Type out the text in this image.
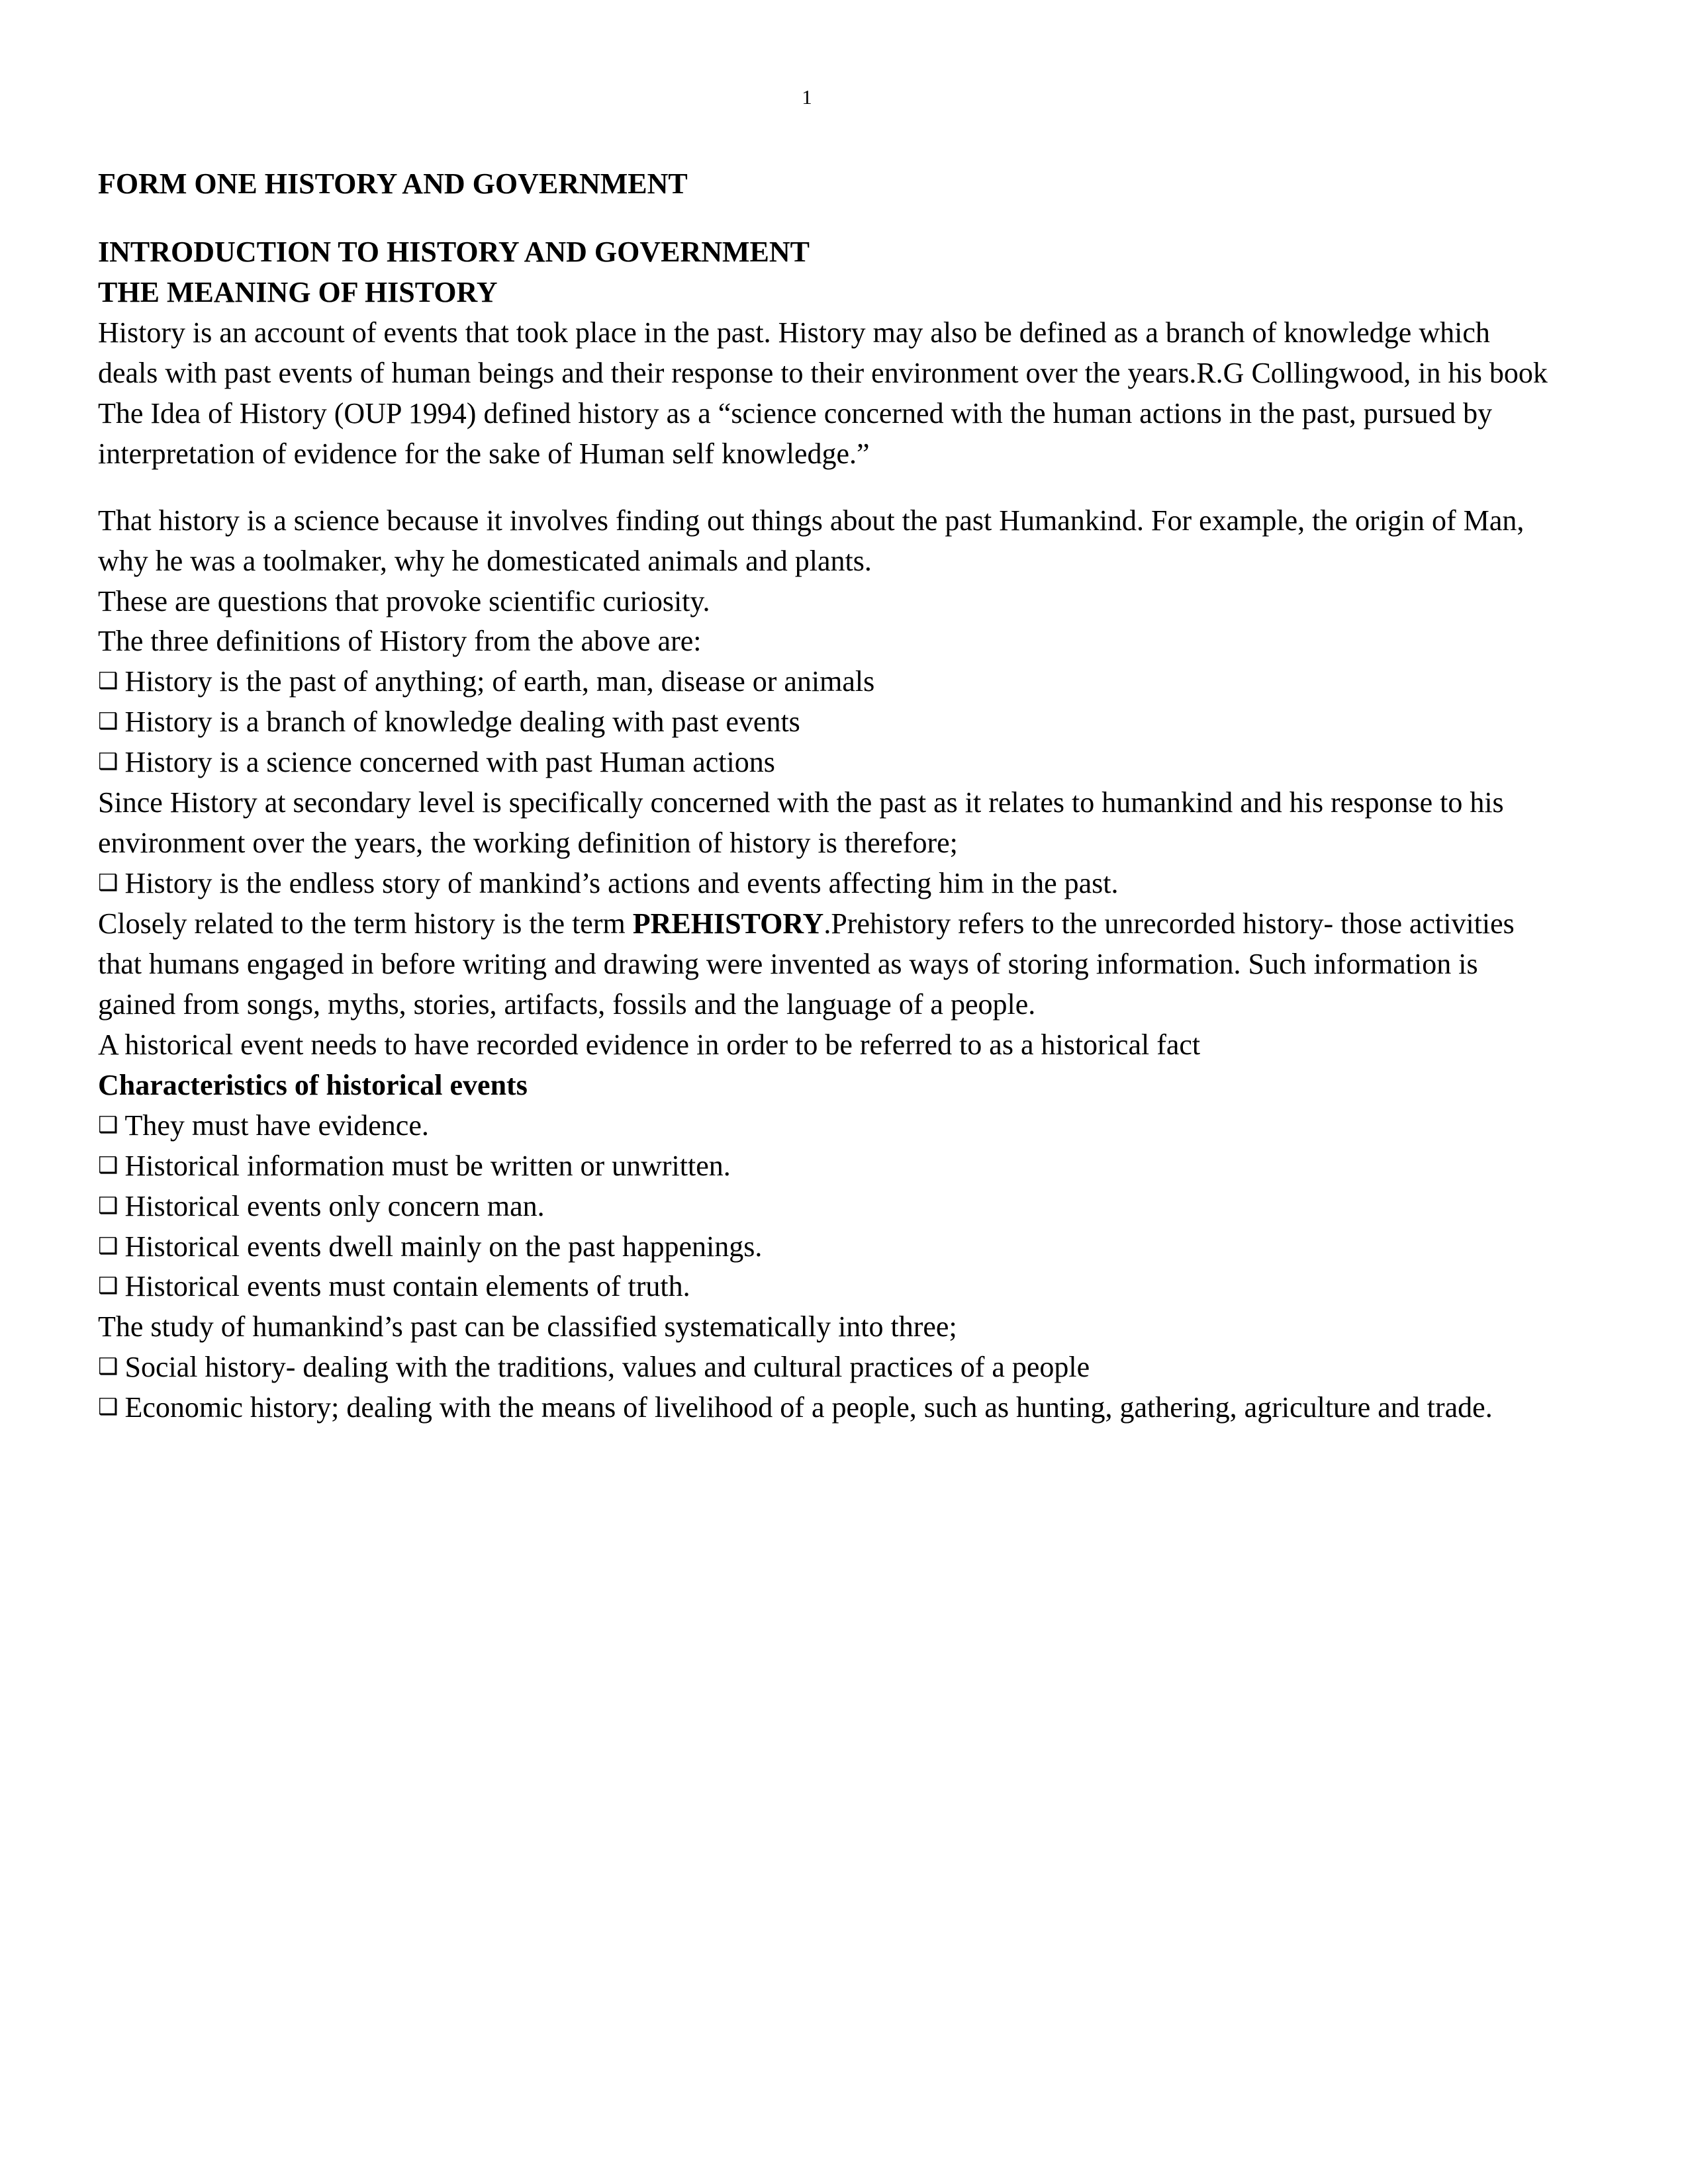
1

FORM ONE HISTORY AND GOVERNMENT

INTRODUCTION TO HISTORY AND GOVERNMENT

THE MEANING OF HISTORY

History is an account of events that took place in the past. History may also be defined as a branch of knowledge which deals with past events of human beings and their response to their environment over the years.R.G Collingwood, in his book The Idea of History (OUP 1994) defined history as a “science concerned with the human actions in the past, pursued by interpretation of evidence for the sake of Human self knowledge.”

That history is a science because it involves finding out things about the past Humankind. For example, the origin of Man, why he was a toolmaker, why he domesticated animals and plants.

These are questions that provoke scientific curiosity.

The three definitions of History from the above are:

❑ History is the past of anything; of earth, man, disease or animals

❑ History is a branch of knowledge dealing with past events

❑ History is a science concerned with past Human actions

Since History at secondary level is specifically concerned with the past as it relates to humankind and his response to his environment over the years, the working definition of history is therefore;

❑ History is the endless story of mankind’s actions and events affecting him in the past.

Closely related to the term history is the term PREHISTORY.Prehistory refers to the unrecorded history- those activities that humans engaged in before writing and drawing were invented as ways of storing information. Such information is gained from songs, myths, stories, artifacts, fossils and the language of a people.

A historical event needs to have recorded evidence in order to be referred to as a historical fact

Characteristics of historical events

❑ They must have evidence.

❑ Historical information must be written or unwritten.

❑ Historical events only concern man.

❑ Historical events dwell mainly on the past happenings.

❑ Historical events must contain elements of truth.

The study of humankind’s past can be classified systematically into three;

❑ Social history- dealing with the traditions, values and cultural practices of a people

❑ Economic history; dealing with the means of livelihood of a people, such as hunting, gathering, agriculture and trade.
